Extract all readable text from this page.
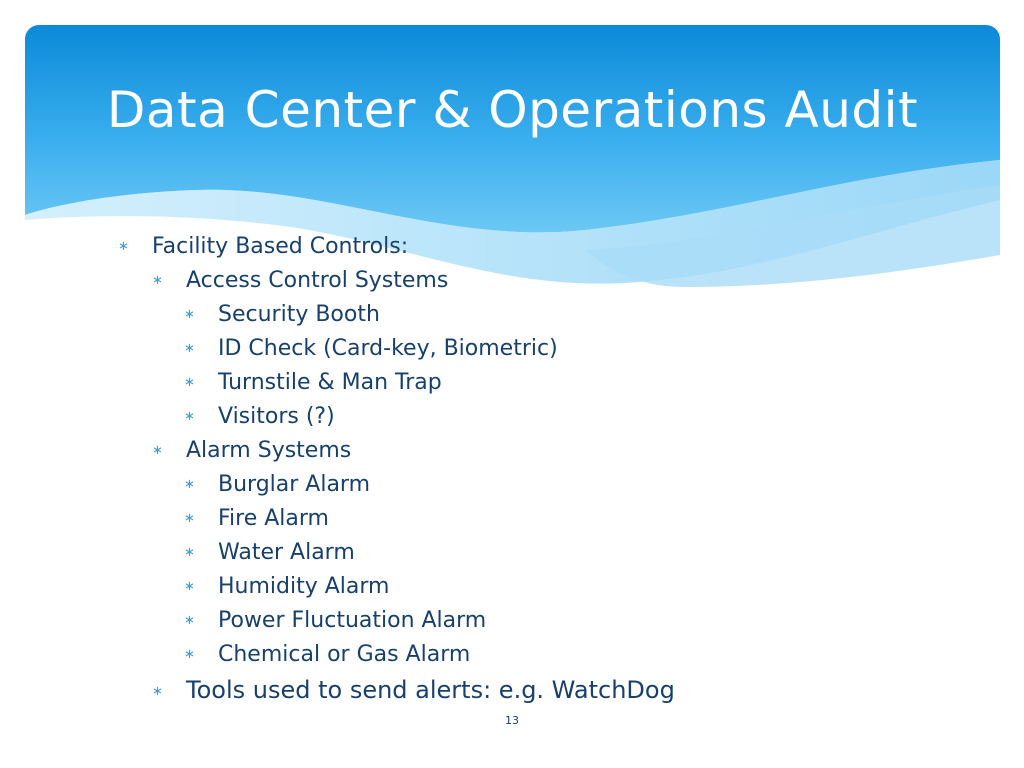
Data Center & Operations Audit
∗	Facility Based Controls:
∗	Access Control Systems
∗	Security Booth
∗	ID Check (Card-key, Biometric)
∗	Turnstile & Man Trap
∗	Visitors (?)
∗	Alarm Systems
∗	Burglar Alarm
∗	Fire Alarm
∗	Water Alarm
∗	Humidity Alarm
∗	Power Fluctuation Alarm
∗	Chemical or Gas Alarm
∗ Tools used to send alerts: e.g. WatchDog
13
